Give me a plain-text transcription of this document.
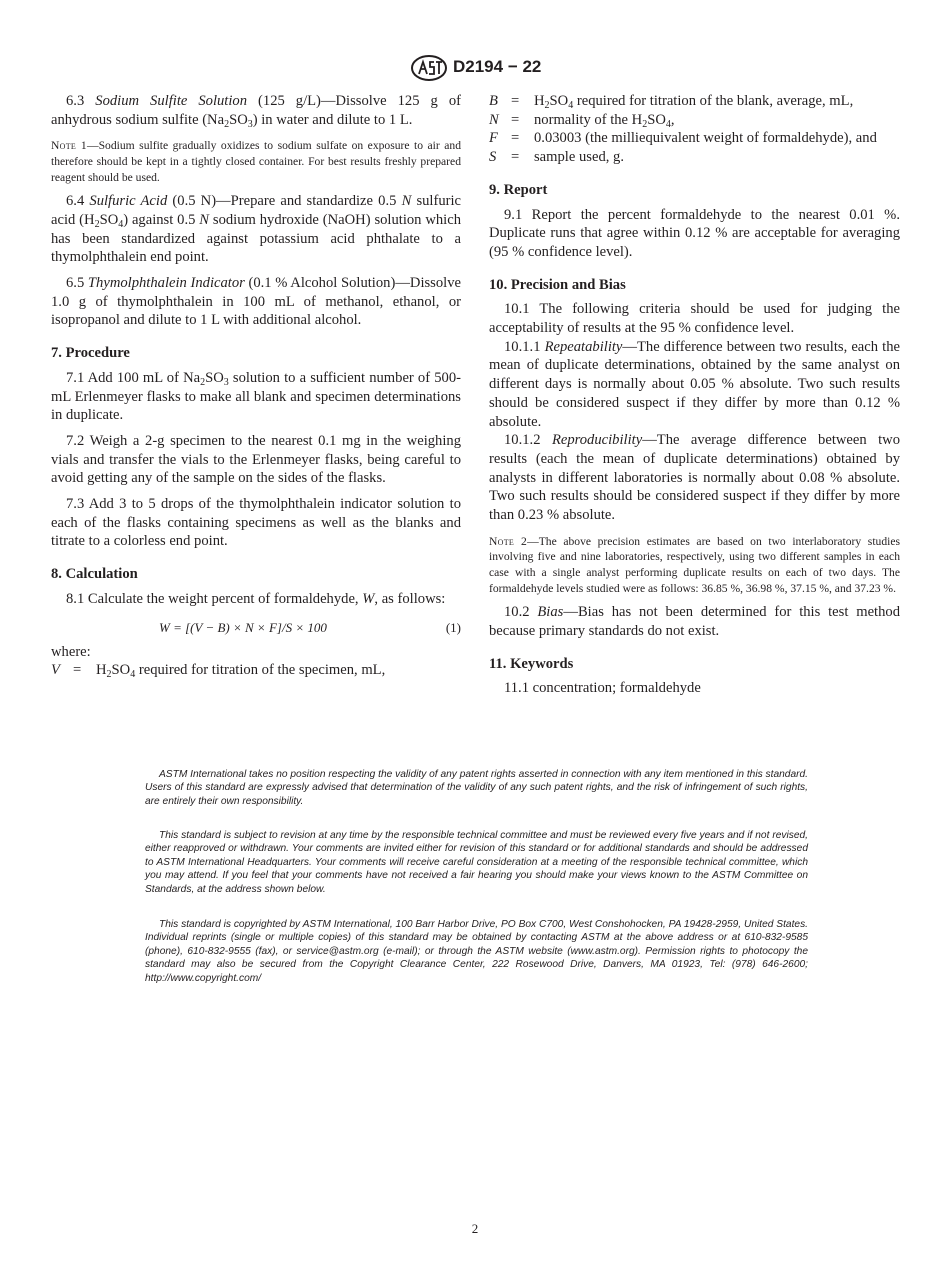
D2194 − 22

6.3 Sodium Sulfite Solution (125 g/L)—Dissolve 125 g of anhydrous sodium sulfite $(Na_2SO_3)$ in water and dilute to 1 L.

Note 1—Sodium sulfite gradually oxidizes to sodium sulfate on exposure to air and therefore should be kept in a tightly closed container. For best results freshly prepared reagent should be used.

6.4 Sulfuric Acid (0.5 N)—Prepare and standardize 0.5 N sulfuric acid $(H_2SO_4)$ against 0.5 N sodium hydroxide (NaOH) solution which has been standardized against potassium acid phthalate to a thymolphthalein end point.

6.5 Thymolphthalein Indicator (0.1 % Alcohol Solution)—Dissolve 1.0 g of thymolphthalein in 100 mL of methanol, ethanol, or isopropanol and dilute to 1 L with additional alcohol.

7. Procedure

7.1 Add 100 mL of $Na_2SO_3$ solution to a sufficient number of 500-mL Erlenmeyer flasks to make all blank and specimen determinations in duplicate.

7.2 Weigh a 2-g specimen to the nearest 0.1 mg in the weighing vials and transfer the vials to the Erlenmeyer flasks, being careful to avoid getting any of the sample on the sides of the flasks.

7.3 Add 3 to 5 drops of the thymolphthalein indicator solution to each of the flasks containing specimens as well as the blanks and titrate to a colorless end point.

8. Calculation

8.1 Calculate the weight percent of formaldehyde, W, as follows:

W = [(V − B) × N × F]/S × 100	(1)

where:

$V = H_2SO_4$ required for titration of the specimen, mL,
$B = H_2SO_4$ required for titration of the blank, average, mL,
N = normality of the $H_2SO_4$,
F = 0.03003 (the milliequivalent weight of formaldehyde), and
S = sample used, g.
9. Report

9.1 Report the percent formaldehyde to the nearest 0.01 %. Duplicate runs that agree within 0.12 % are acceptable for averaging (95 % confidence level).

10. Precision and Bias

10.1 The following criteria should be used for judging the acceptability of results at the 95 % confidence level.

10.1.1 Repeatability—The difference between two results, each the mean of duplicate determinations, obtained by the same analyst on different days is normally about 0.05 % absolute. Two such results should be considered suspect if they differ by more than 0.12 % absolute.

10.1.2 Reproducibility—The average difference between two results (each the mean of duplicate determinations) obtained by analysts in different laboratories is normally about 0.08 % absolute. Two such results should be considered suspect if they differ by more than 0.23 % absolute.

Note 2—The above precision estimates are based on two interlaboratory studies involving five and nine laboratories, respectively, using two different samples in each case with a single analyst performing duplicate results on each of two days. The formaldehyde levels studied were as follows: 36.85 %, 36.98 %, 37.15 %, and 37.23 %.

10.2 Bias—Bias has not been determined for this test method because primary standards do not exist.

11. Keywords

11.1 concentration; formaldehyde

ASTM International takes no position respecting the validity of any patent rights asserted in connection with any item mentioned in this standard. Users of this standard are expressly advised that determination of the validity of any such patent rights, and the risk of infringement of such rights, are entirely their own responsibility.

This standard is subject to revision at any time by the responsible technical committee and must be reviewed every five years and if not revised, either reapproved or withdrawn. Your comments are invited either for revision of this standard or for additional standards and should be addressed to ASTM International Headquarters. Your comments will receive careful consideration at a meeting of the responsible technical committee, which you may attend. If you feel that your comments have not received a fair hearing you should make your views known to the ASTM Committee on Standards, at the address shown below.

This standard is copyrighted by ASTM International, 100 Barr Harbor Drive, PO Box C700, West Conshohocken, PA 19428-2959, United States. Individual reprints (single or multiple copies) of this standard may be obtained by contacting ASTM at the above address or at 610-832-9585 (phone), 610-832-9555 (fax), or service@astm.org (e-mail); or through the ASTM website (www.astm.org). Permission rights to photocopy the standard may also be secured from the Copyright Clearance Center, 222 Rosewood Drive, Danvers, MA 01923, Tel: (978) 646-2600; http://www.copyright.com/

2
